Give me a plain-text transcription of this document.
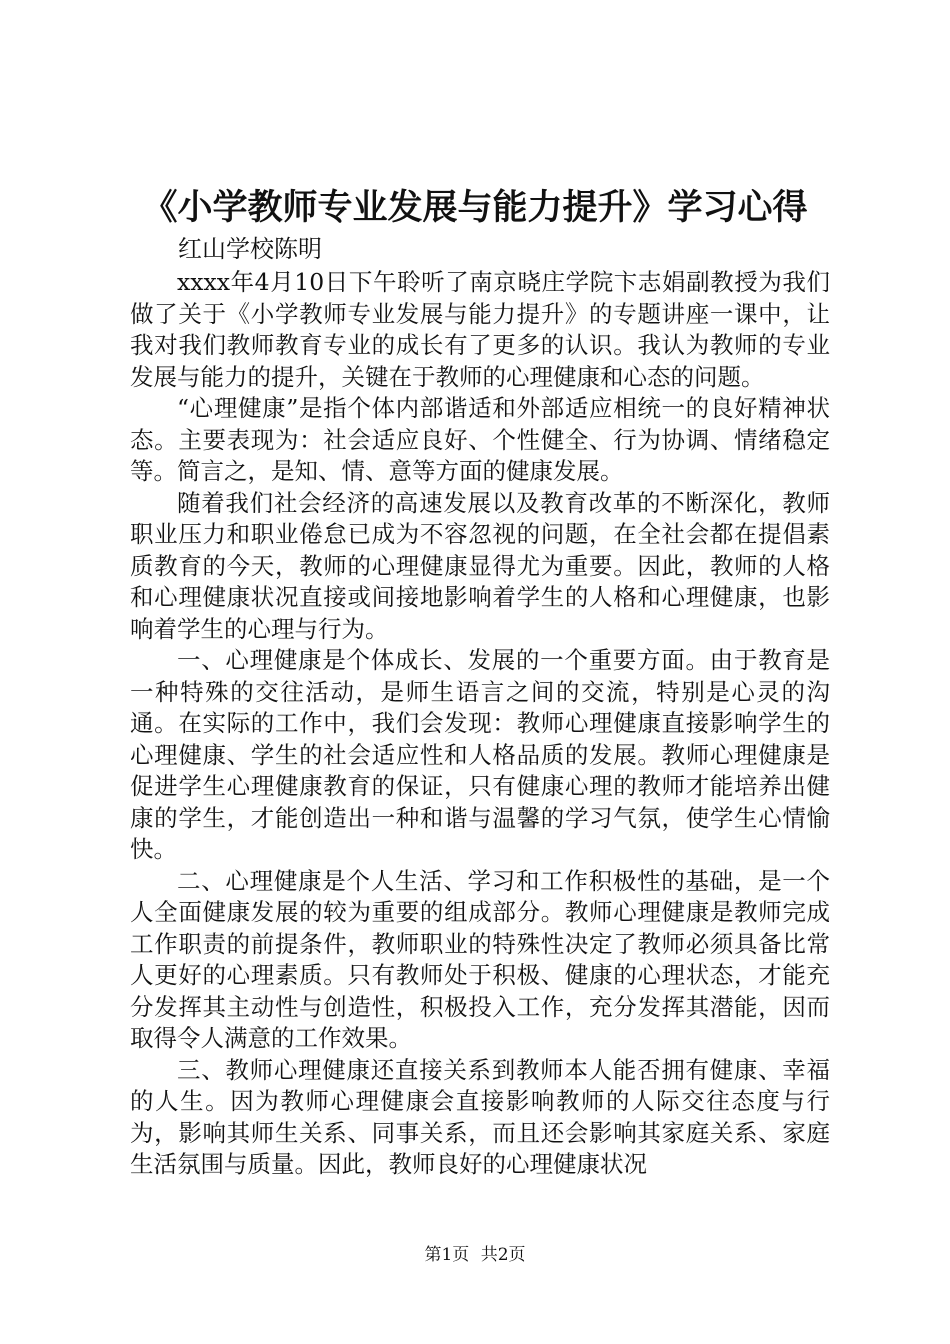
《小学教师专业发展与能力提升》学习心得
红山学校陈明

xxxx年4月10日下午聆听了南京晓庄学院卞志娟副教授为我们做了关于《小学教师专业发展与能力提升》的专题讲座一课中，让我对我们教师教育专业的成长有了更多的认识。我认为教师的专业发展与能力的提升，关键在于教师的心理健康和心态的问题。

“心理健康”是指个体内部谐适和外部适应相统一的良好精神状态。主要表现为：社会适应良好、个性健全、行为协调、情绪稳定等。简言之，是知、情、意等方面的健康发展。

随着我们社会经济的高速发展以及教育改革的不断深化，教师职业压力和职业倦怠已成为不容忽视的问题，在全社会都在提倡素质教育的今天，教师的心理健康显得尤为重要。因此，教师的人格和心理健康状况直接或间接地影响着学生的人格和心理健康，也影响着学生的心理与行为。

一、心理健康是个体成长、发展的一个重要方面。由于教育是一种特殊的交往活动，是师生语言之间的交流，特别是心灵的沟通。在实际的工作中，我们会发现：教师心理健康直接影响学生的心理健康、学生的社会适应性和人格品质的发展。教师心理健康是促进学生心理健康教育的保证，只有健康心理的教师才能培养出健康的学生，才能创造出一种和谐与温馨的学习气氛，使学生心情愉快。

二、心理健康是个人生活、学习和工作积极性的基础，是一个人全面健康发展的较为重要的组成部分。教师心理健康是教师完成工作职责的前提条件，教师职业的特殊性决定了教师必须具备比常人更好的心理素质。只有教师处于积极、健康的心理状态，才能充分发挥其主动性与创造性，积极投入工作，充分发挥其潜能，因而取得令人满意的工作效果。

三、教师心理健康还直接关系到教师本人能否拥有健康、幸福的人生。因为教师心理健康会直接影响教师的人际交往态度与行为，影响其师生关系、同事关系，而且还会影响其家庭关系、家庭生活氛围与质量。因此，教师良好的心理健康状况

第1页 共2页
